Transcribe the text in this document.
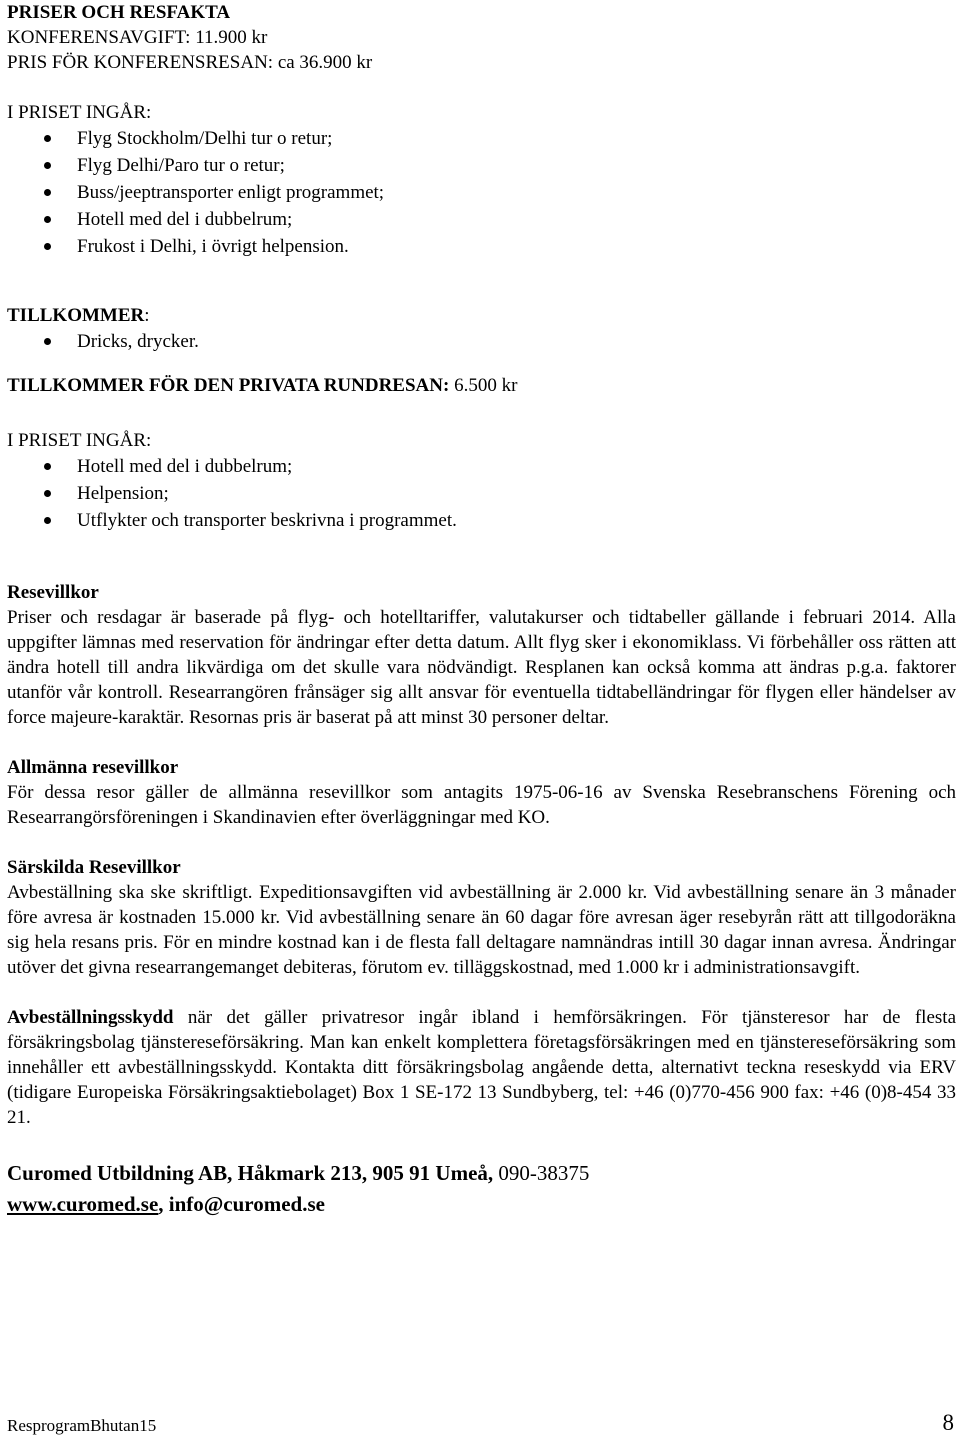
PRISER OCH RESFAKTA

KONFERENSAVGIFT: 11.900 kr

PRIS FÖR KONFERENSRESAN: ca 36.900 kr

I PRISET INGÅR:

Flyg Stockholm/Delhi tur o retur;
Flyg Delhi/Paro tur o retur;
Buss/jeeptransporter enligt programmet;
Hotell med del i dubbelrum;
Frukost i Delhi, i övrigt helpension.

TILLKOMMER:

Dricks, drycker.

TILLKOMMER FÖR DEN PRIVATA RUNDRESAN: 6.500 kr

I PRISET INGÅR:

Hotell med del i dubbelrum;
Helpension;
Utflykter och transporter beskrivna i programmet.

Resevillkor

Priser och resdagar är baserade på flyg- och hotelltariffer, valutakurser och tidtabeller gällande i februari 2014. Alla uppgifter lämnas med reservation för ändringar efter detta datum. Allt flyg sker i ekonomiklass. Vi förbehåller oss rätten att ändra hotell till andra likvärdiga om det skulle vara nödvändigt. Resplanen kan också komma att ändras p.g.a. faktorer utanför vår kontroll. Researrangören frånsäger sig allt ansvar för eventuella tidtabelländringar för flygen eller händelser av force majeure-karaktär. Resornas pris är baserat på att minst 30 personer deltar.

Allmänna resevillkor

För dessa resor gäller de allmänna resevillkor som antagits 1975-06-16 av Svenska Resebranschens Förening och Researrangörsföreningen i Skandinavien efter överläggningar med KO.

Särskilda Resevillkor

Avbeställning ska ske skriftligt. Expeditionsavgiften vid avbeställning är 2.000 kr. Vid avbeställning senare än 3 månader före avresa är kostnaden 15.000 kr. Vid avbeställning senare än 60 dagar före avresan äger resebyrån rätt att tillgodoräkna sig hela resans pris. För en mindre kostnad kan i de flesta fall deltagare namnändras intill 30 dagar innan avresa. Ändringar utöver det givna researrangemanget debiteras, förutom ev. tilläggskostnad, med 1.000 kr i administrationsavgift.

Avbeställningsskydd när det gäller privatresor ingår ibland i hemförsäkringen. För tjänsteresor har de flesta försäkringsbolag tjänstereseförsäkring. Man kan enkelt komplettera företagsförsäkringen med en tjänstereseförsäkring som innehåller ett avbeställningsskydd. Kontakta ditt försäkringsbolag angående detta, alternativt teckna reseskydd via ERV (tidigare Europeiska Försäkringsaktiebolaget) Box 1 SE-172 13 Sundbyberg, tel: +46 (0)770-456 900 fax: +46 (0)8-454 33 21.

Curomed Utbildning AB, Håkmark 213, 905 91 Umeå, 090-38375

www.curomed.se, info@curomed.se

ResprogramBhutan15	8
